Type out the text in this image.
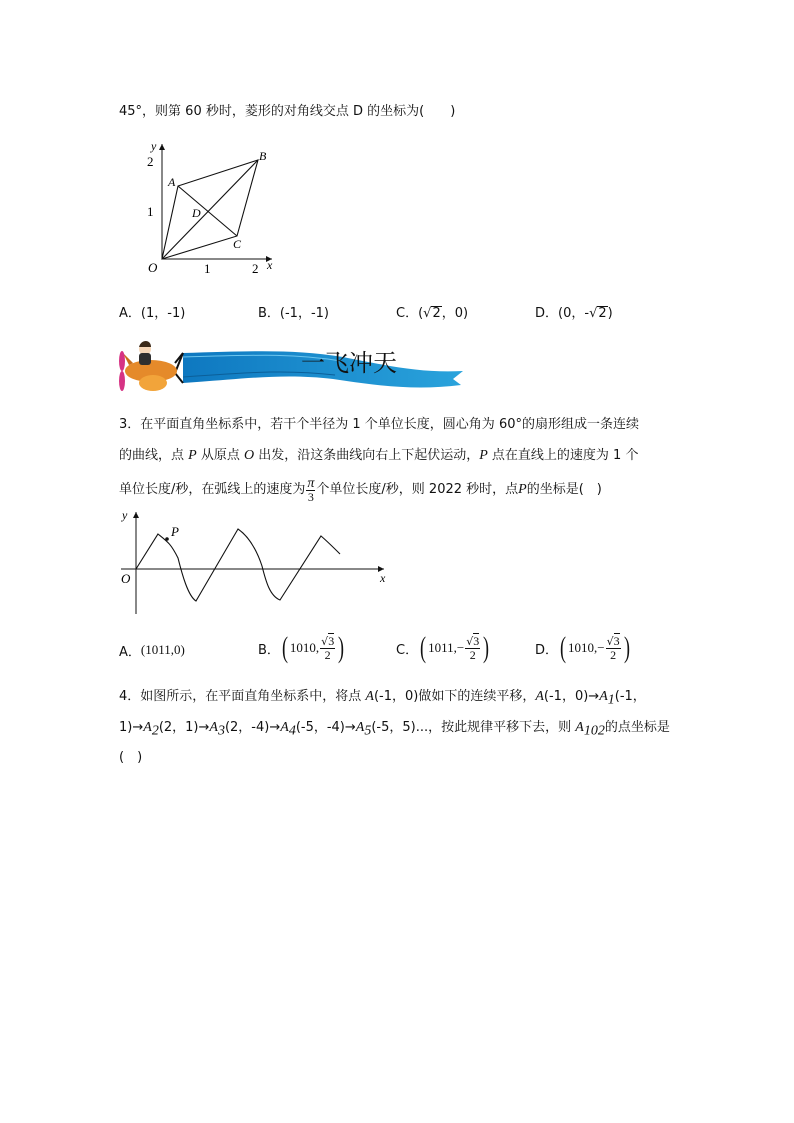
45°，则第 60 秒时，菱形的对角线交点 D 的坐标为(　　)
x
y
O	1	2
1
2
A
B
C
D
A．(1，-1)	B．(-1，-1)	C．(√2，0)	D．(0，-√2)
一飞冲天
3．在平面直角坐标系中，若干个半径为 1 个单位长度，圆心角为 60°的扇形组成一条连续
的曲线，点 P 从原点 O 出发，沿这条曲线向右上下起伏运动，P 点在直线上的速度为 1 个
单位长度/秒，在弧线上的速度为 $\frac{\pi}{3}$ 个单位长度/秒，则 2022 秒时，点 P 的坐标是(　)
y
x
O
P
A． (1011,0)	B． ( 1010, $\frac{√3}{2}$ )	C． ( $1011,- \frac{√3}{2}$ )	D． ( $1010,- \frac{√3}{2}$ )
4．如图所示，在平面直角坐标系中，将点 A(-1，0)做如下的连续平移，A(-1，$0)\to A_1(-1$，
$1)\to A_2(2$，$1)\to A_3(2$，$-4)\to A_4(-5$，$-4)\to A_5(-5$，5)...，按此规律平移下去，则 $A_{102}$的点坐标是
(　)
